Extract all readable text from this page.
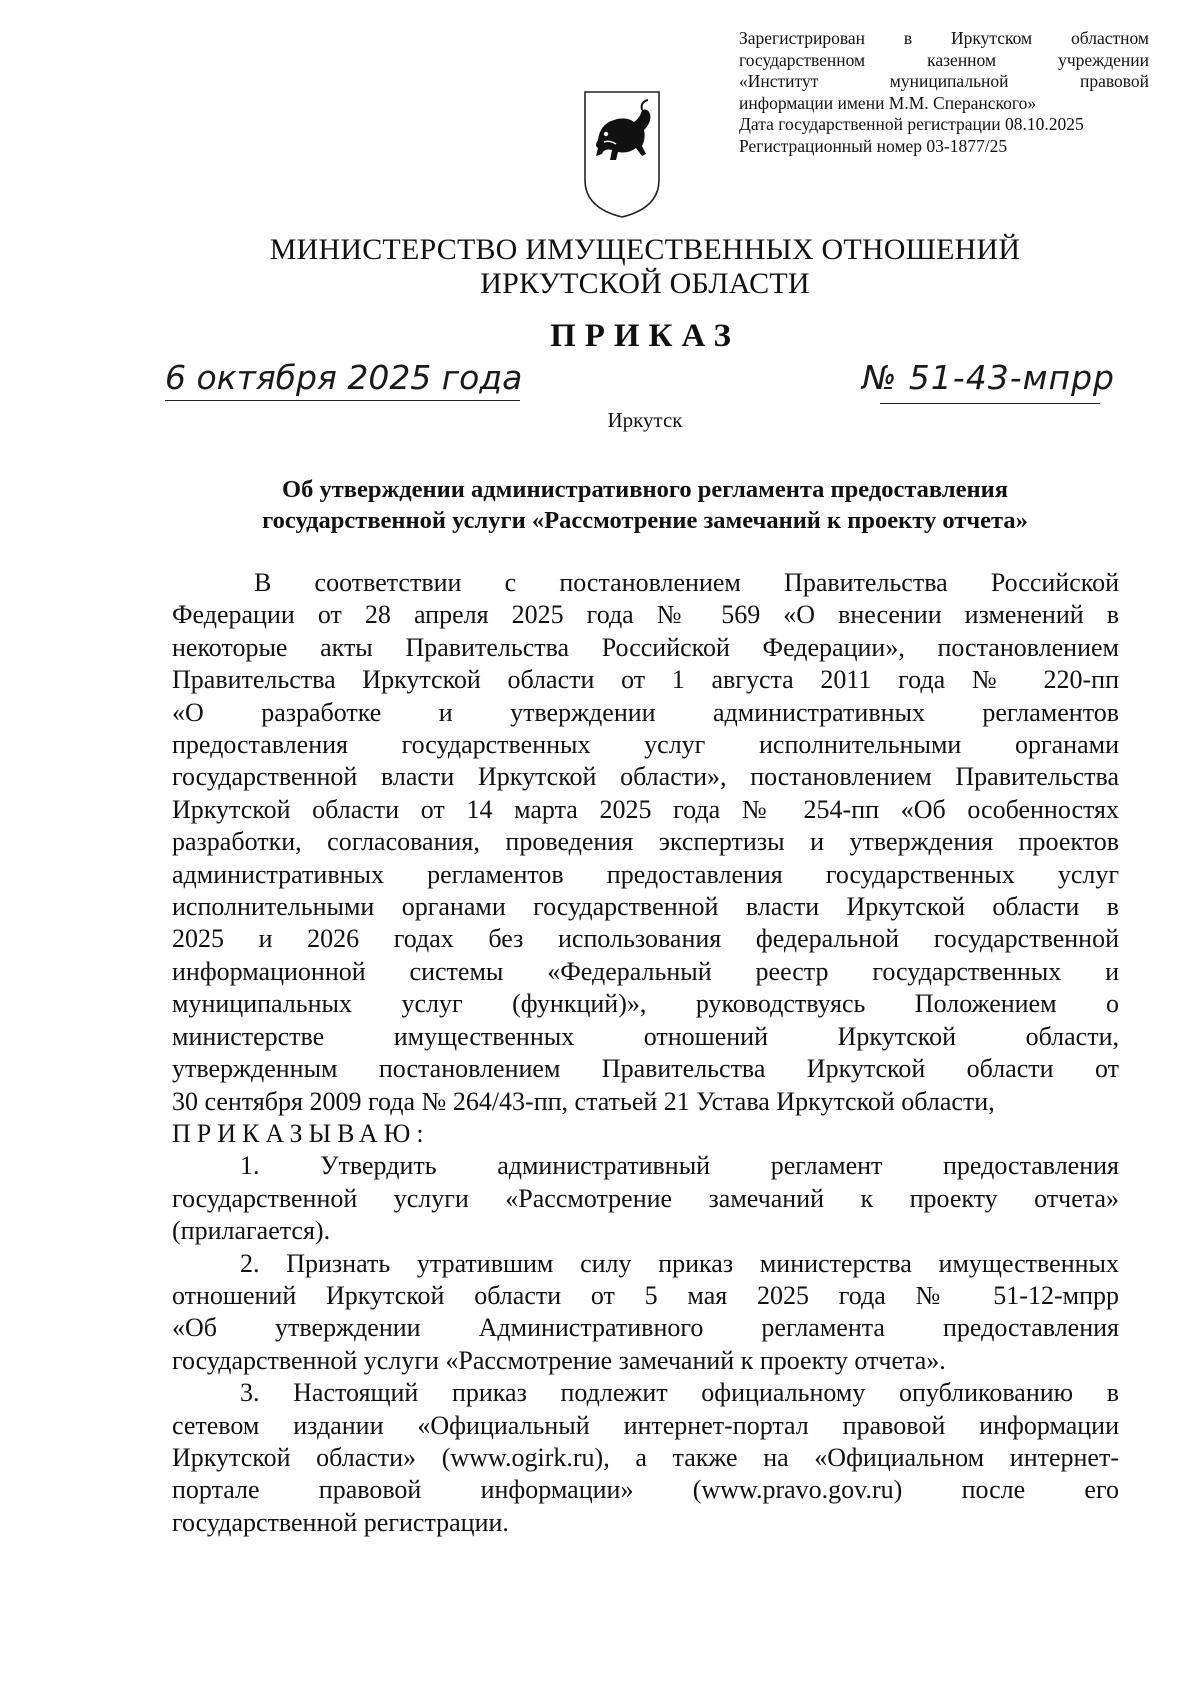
Зарегистрирован в Иркутском областном
государственном казенном учреждении
«Институт муниципальной правовой
информации имени М.М. Сперанского»
Дата государственной регистрации 08.10.2025
Регистрационный номер 03-1877/25
МИНИСТЕРСТВО ИМУЩЕСТВЕННЫХ ОТНОШЕНИЙ
ИРКУТСКОЙ ОБЛАСТИ
ПРИКАЗ
6 октября 2025 года	№ 51-43-мпрр
Иркутск
Об утверждении административного регламента предоставления
государственной услуги «Рассмотрение замечаний к проекту отчета»
В соответствии с постановлением Правительства Российской
Федерации от 28 апреля 2025 года № 569 «О внесении изменений в
некоторые акты Правительства Российской Федерации», постановлением
Правительства Иркутской области от 1 августа 2011 года № 220-пп
«О разработке и утверждении административных регламентов
предоставления государственных услуг исполнительными органами
государственной власти Иркутской области», постановлением Правительства
Иркутской области от 14 марта 2025 года № 254-пп «Об особенностях
разработки, согласования, проведения экспертизы и утверждения проектов
административных регламентов предоставления государственных услуг
исполнительными органами государственной власти Иркутской области в
2025 и 2026 годах без использования федеральной государственной
информационной системы «Федеральный реестр государственных и
муниципальных услуг (функций)», руководствуясь Положением о
министерстве имущественных отношений Иркутской области,
утвержденным постановлением Правительства Иркутской области от
30 сентября 2009 года № 264/43-пп, статьей 21 Устава Иркутской области,
ПРИКАЗЫВАЮ:
1. Утвердить административный регламент предоставления
государственной услуги «Рассмотрение замечаний к проекту отчета»
(прилагается).
2. Признать утратившим силу приказ министерства имущественных
отношений Иркутской области от 5 мая 2025 года № 51-12-мпрр
«Об утверждении Административного регламента предоставления
государственной услуги «Рассмотрение замечаний к проекту отчета».
3. Настоящий приказ подлежит официальному опубликованию в
сетевом издании «Официальный интернет-портал правовой информации
Иркутской области» (www.ogirk.ru), а также на «Официальном интернет-
портале правовой информации» (www.pravo.gov.ru) после его
государственной регистрации.
